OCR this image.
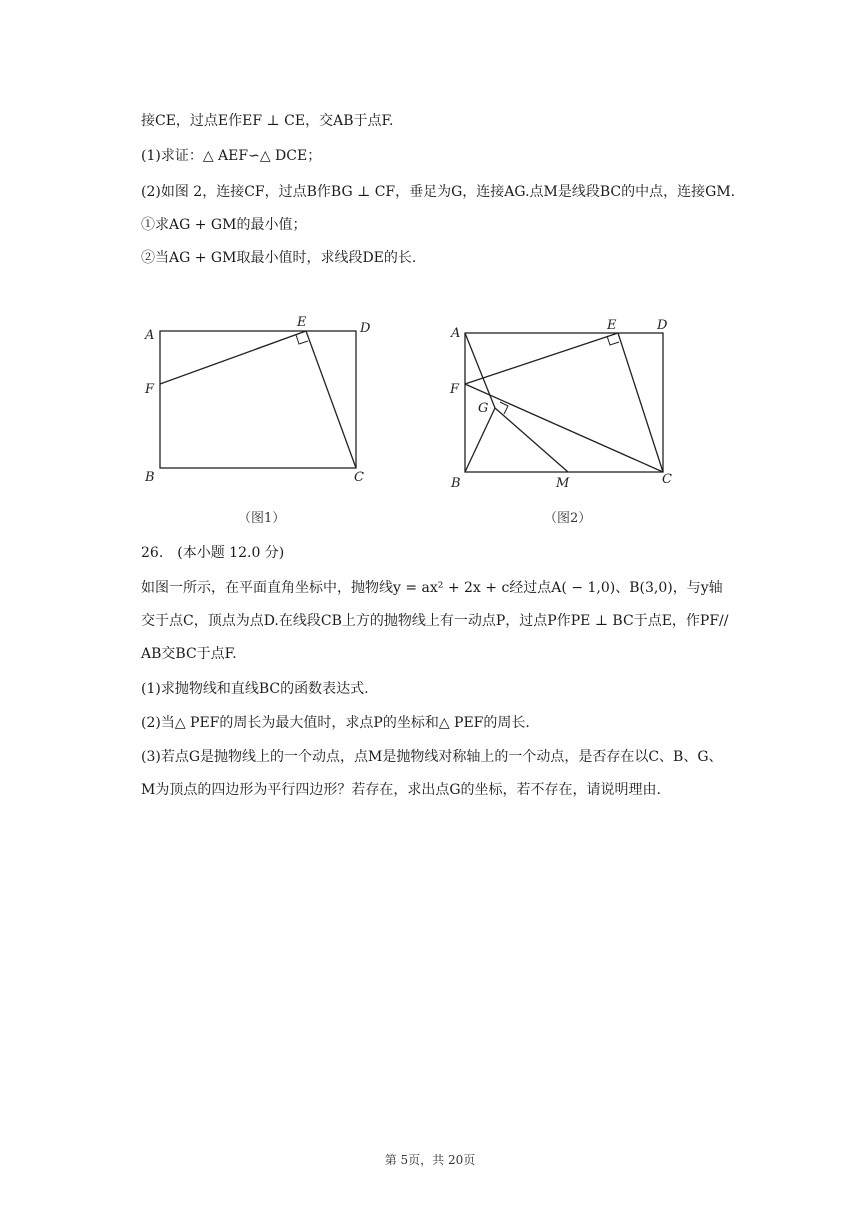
接CE，过点E作EF ⊥ CE，交AB于点F.
(1)求证：△ AEF∽△ DCE；
(2)如图 2，连接CF，过点B作BG ⊥ CF，垂足为G，连接AG.点M是线段BC的中点，连接GM.
①求AG + GM的最小值；
②当AG + GM取最小值时，求线段DE的长.
A
E	D
F
B	C
A
E	D
F
G
B	M	C
（图1）	（图2）
26.　(本小题 12.0 分)
如图一所示，在平面直角坐标中，抛物线y = ax² + 2x + c经过点A( − 1,0)、B(3,0)，与y轴
交于点C，顶点为点D.在线段CB上方的抛物线上有一动点P，过点P作PE ⊥ BC于点E，作PF//
AB交BC于点F.
(1)求抛物线和直线BC的函数表达式.
(2)当△ PEF的周长为最大值时，求点P的坐标和△ PEF的周长.
(3)若点G是抛物线上的一个动点，点M是抛物线对称轴上的一个动点，是否存在以C、B、G、
M为顶点的四边形为平行四边形？若存在，求出点G的坐标，若不存在，请说明理由.
第 5页，共 20页
